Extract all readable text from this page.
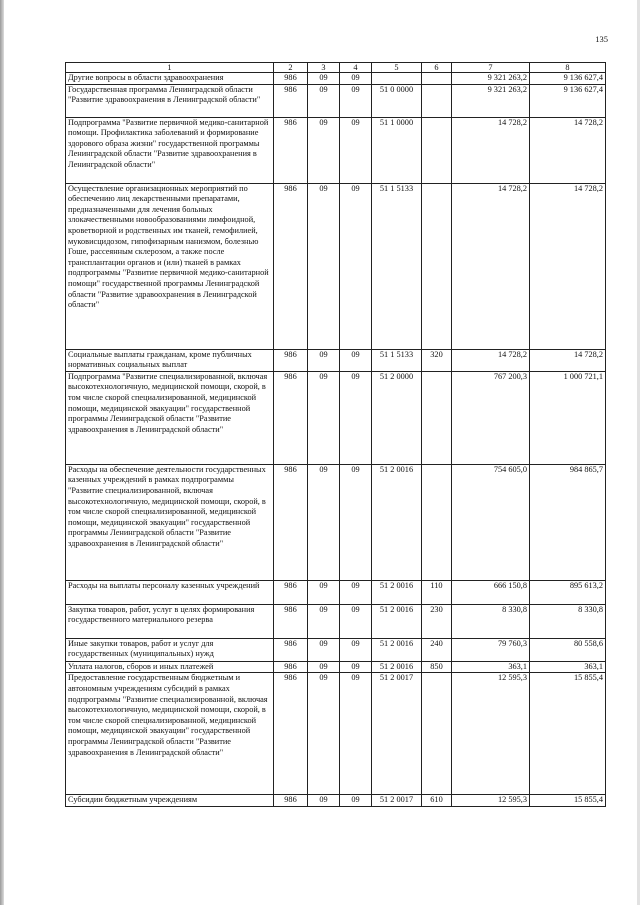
135
1	2	3	4	5	6	7	8
Другие вопросы в области здравоохранения	986	09	09			9 321 263,2	9 136 627,4
Государственная программа Ленинградской области "Развитие здравоохранения в Ленинградской области"	986	09	09	51 0 0000		9 321 263,2	9 136 627,4
Подпрограмма "Развитие первичной медико-санитарной помощи. Профилактика заболеваний и формирование здорового образа жизни" государственной программы Ленинградской области "Развитие здравоохранения в Ленинградской области"	986	09	09	51 1 0000		14 728,2	14 728,2
Осуществление организационных мероприятий по обеспечению лиц лекарственными препаратами, предназначенными для лечения больных злокачественными новообразованиями лимфоидной, кроветворной и родственных им тканей, гемофилией, муковисцидозом, гипофизарным нанизмом, болезнью Гоше, рассеянным склерозом, а также после трансплантации органов и (или) тканей в рамках подпрограммы "Развитие первичной медико-санитарной помощи" государственной программы Ленинградской области "Развитие здравоохранения в Ленинградской области"	986	09	09	51 1 5133		14 728,2	14 728,2
Социальные выплаты гражданам, кроме публичных нормативных социальных выплат	986	09	09	51 1 5133	320	14 728,2	14 728,2
Подпрограмма "Развитие специализированной, включая высокотехнологичную, медицинской помощи, скорой, в том числе скорой специализированной, медицинской помощи, медицинской эвакуации" государственной программы Ленинградской области "Развитие здравоохранения в Ленинградской области"	986	09	09	51 2 0000		767 200,3	1 000 721,1
Расходы на обеспечение деятельности государственных казенных учреждений в рамках подпрограммы "Развитие специализированной, включая высокотехнологичную, медицинской помощи, скорой, в том числе скорой специализированной, медицинской помощи, медицинской эвакуации" государственной программы Ленинградской области "Развитие здравоохранения в Ленинградской области"	986	09	09	51 2 0016		754 605,0	984 865,7
Расходы на выплаты персоналу казенных учреждений	986	09	09	51 2 0016	110	666 150,8	895 613,2
Закупка товаров, работ, услуг в целях формирования государственного материального резерва	986	09	09	51 2 0016	230	8 330,8	8 330,8
Иные закупки товаров, работ и услуг для государственных (муниципальных) нужд	986	09	09	51 2 0016	240	79 760,3	80 558,6
Уплата налогов, сборов и иных платежей	986	09	09	51 2 0016	850	363,1	363,1
Предоставление государственным бюджетным и автономным учреждениям субсидий в рамках подпрограммы "Развитие специализированной, включая высокотехнологичную, медицинской помощи, скорой, в том числе скорой специализированной, медицинской помощи, медицинской эвакуации" государственной программы Ленинградской области "Развитие здравоохранения в Ленинградской области"	986	09	09	51 2 0017		12 595,3	15 855,4
Субсидии бюджетным учреждениям	986	09	09	51 2 0017	610	12 595,3	15 855,4
